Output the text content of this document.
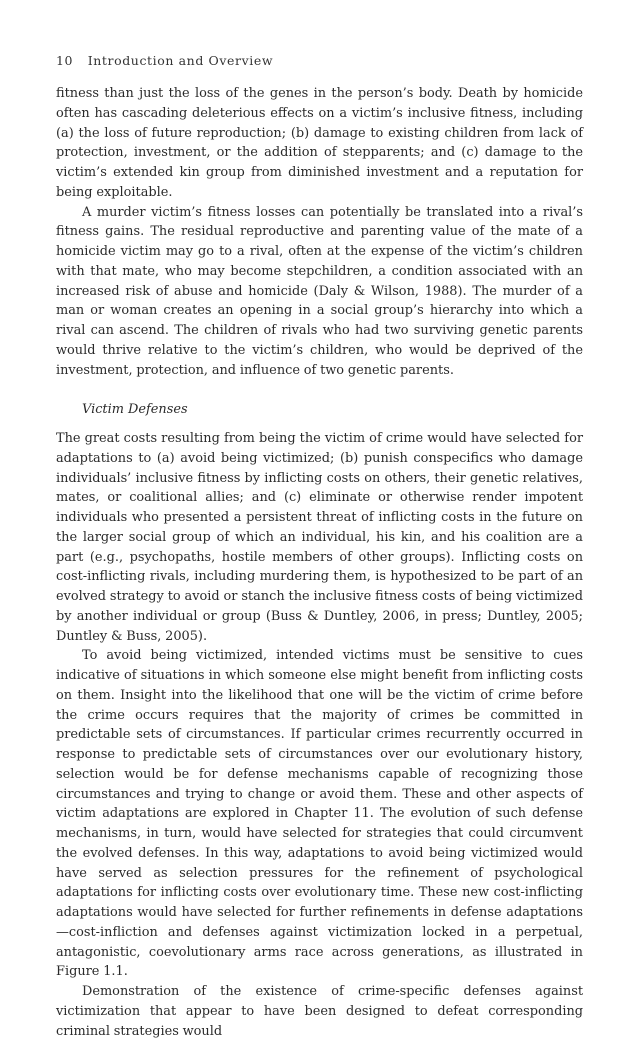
10 Introduction and Overview

fitness than just the loss of the genes in the person’s body. Death by homicide often has cascading deleterious effects on a victim’s inclusive fitness, including (a) the loss of future reproduction; (b) damage to existing children from lack of protection, investment, or the addition of stepparents; and (c) damage to the victim’s extended kin group from diminished investment and a reputation for being exploitable.

A murder victim’s fitness losses can potentially be translated into a rival’s fitness gains. The residual reproductive and parenting value of the mate of a homicide victim may go to a rival, often at the expense of the victim’s children with that mate, who may become stepchildren, a condition associated with an increased risk of abuse and homicide (Daly & Wilson, 1988). The murder of a man or woman creates an opening in a social group’s hierarchy into which a rival can ascend. The children of rivals who had two surviving genetic parents would thrive relative to the victim’s children, who would be deprived of the investment, protection, and influence of two genetic parents.

Victim Defenses

The great costs resulting from being the victim of crime would have selected for adaptations to (a) avoid being victimized; (b) punish conspecifics who damage individuals’ inclusive fitness by inflicting costs on others, their genetic relatives, mates, or coalitional allies; and (c) eliminate or otherwise render impotent individuals who presented a persistent threat of inflicting costs in the future on the larger social group of which an individual, his kin, and his coalition are a part (e.g., psychopaths, hostile members of other groups). Inflicting costs on cost-inflicting rivals, including murdering them, is hypothesized to be part of an evolved strategy to avoid or stanch the inclusive fitness costs of being victimized by another individual or group (Buss & Duntley, 2006, in press; Duntley, 2005; Duntley & Buss, 2005).

To avoid being victimized, intended victims must be sensitive to cues indicative of situations in which someone else might benefit from inflicting costs on them. Insight into the likelihood that one will be the victim of crime before the crime occurs requires that the majority of crimes be committed in predictable sets of circumstances. If particular crimes recurrently occurred in response to predictable sets of circumstances over our evolutionary history, selection would be for defense mechanisms capable of recognizing those circumstances and trying to change or avoid them. These and other aspects of victim adaptations are explored in Chapter 11. The evolution of such defense mechanisms, in turn, would have selected for strategies that could circumvent the evolved defenses. In this way, adaptations to avoid being victimized would have served as selection pressures for the refinement of psychological adaptations for inflicting costs over evolutionary time. These new cost-inflicting adaptations would have selected for further refinements in defense adaptations—cost-infliction and defenses against victimization locked in a perpetual, antagonistic, coevolutionary arms race across generations, as illustrated in Figure 1.1.

Demonstration of the existence of crime-specific defenses against victimization that appear to have been designed to defeat corresponding criminal strategies would
